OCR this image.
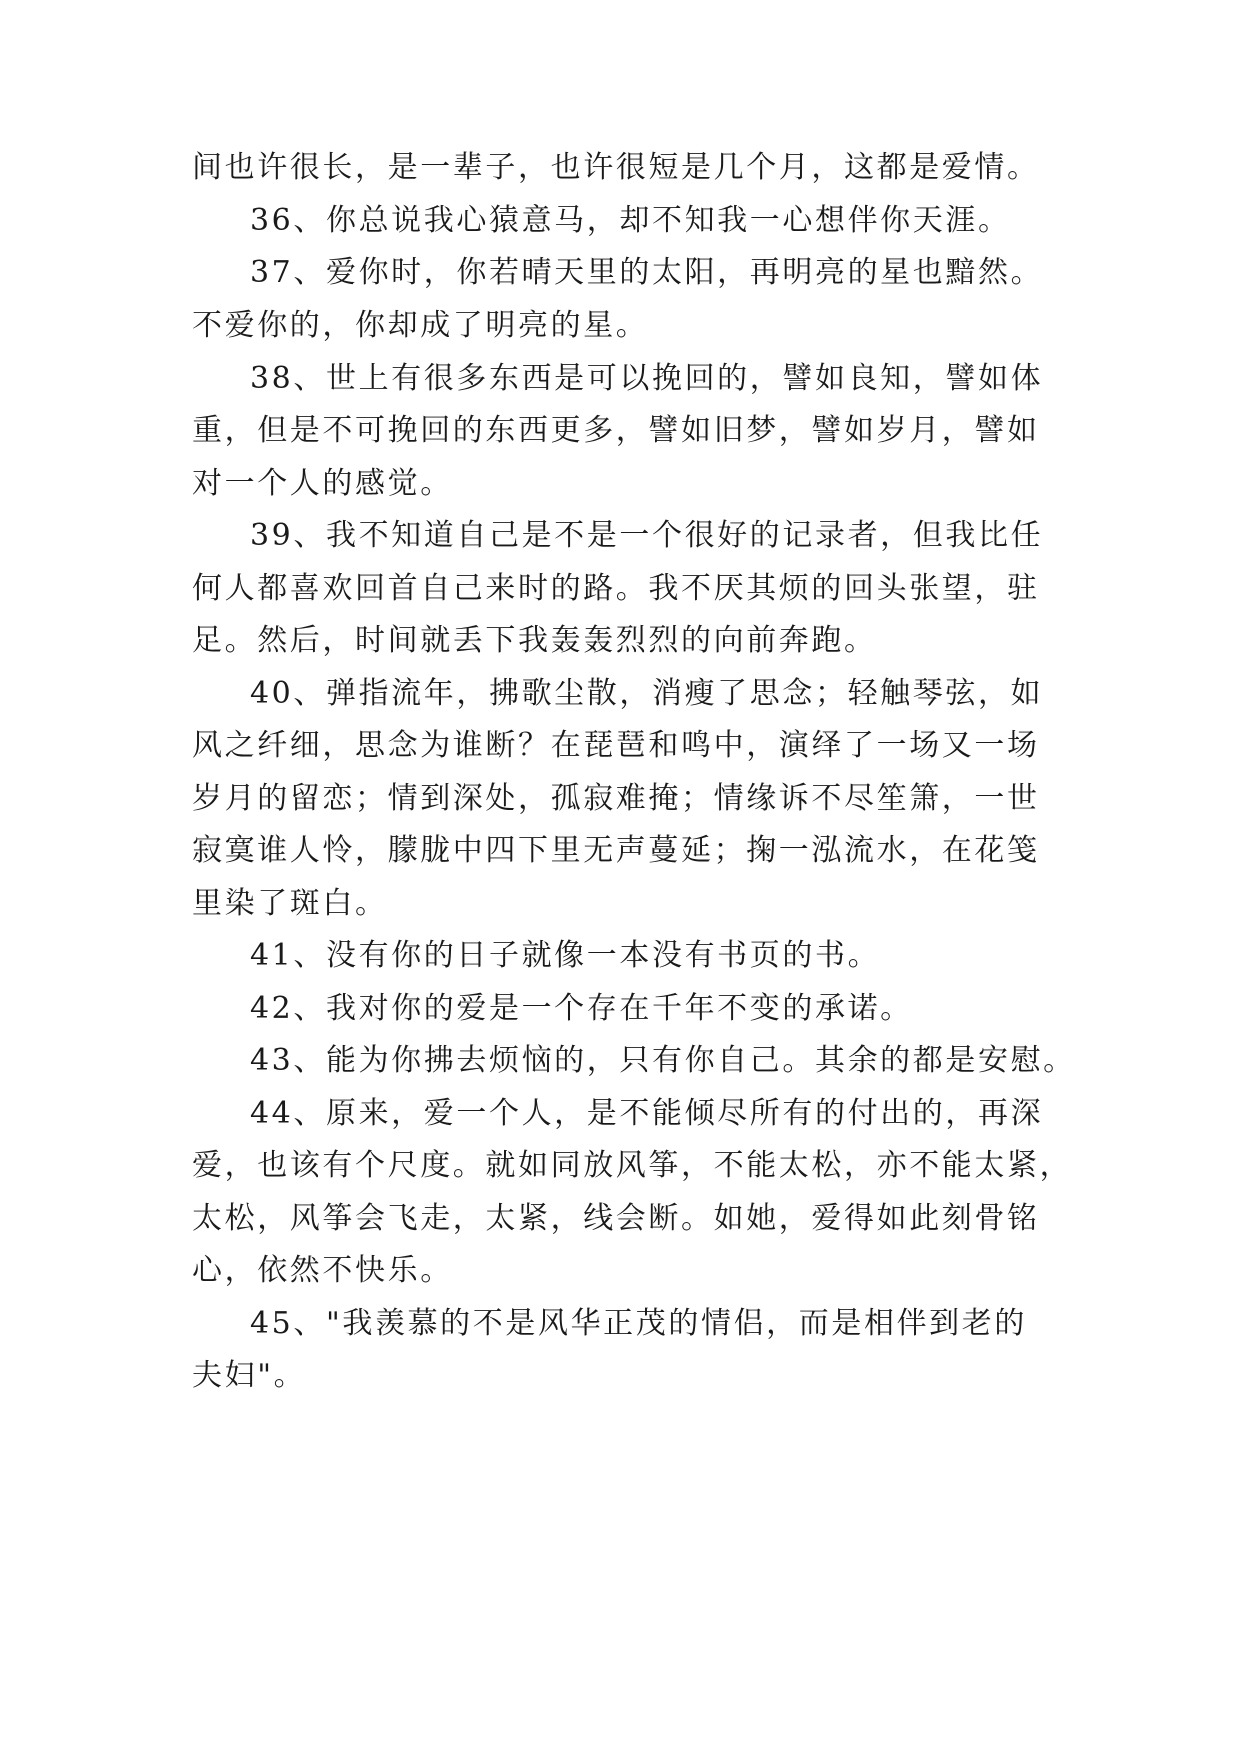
间也许很长，是一辈子，也许很短是几个月，这都是爱情。
36、你总说我心猿意马，却不知我一心想伴你天涯。
37、爱你时，你若晴天里的太阳，再明亮的星也黯然。
不爱你的，你却成了明亮的星。
38、世上有很多东西是可以挽回的，譬如良知，譬如体
重，但是不可挽回的东西更多，譬如旧梦，譬如岁月，譬如
对一个人的感觉。
39、我不知道自己是不是一个很好的记录者，但我比任
何人都喜欢回首自己来时的路。我不厌其烦的回头张望，驻
足。然后，时间就丢下我轰轰烈烈的向前奔跑。
40、弹指流年，拂歌尘散，消瘦了思念；轻触琴弦，如
风之纤细，思念为谁断？在琵琶和鸣中，演绎了一场又一场
岁月的留恋；情到深处，孤寂难掩；情缘诉不尽笙箫，一世
寂寞谁人怜，朦胧中四下里无声蔓延；掬一泓流水，在花笺
里染了斑白。
41、没有你的日子就像一本没有书页的书。
42、我对你的爱是一个存在千年不变的承诺。
43、能为你拂去烦恼的，只有你自己。其余的都是安慰。
44、原来，爱一个人，是不能倾尽所有的付出的，再深
爱，也该有个尺度。就如同放风筝，不能太松，亦不能太紧，
太松，风筝会飞走，太紧，线会断。如她，爱得如此刻骨铭
心，依然不快乐。
45、"我羡慕的不是风华正茂的情侣，而是相伴到老的
夫妇"。
